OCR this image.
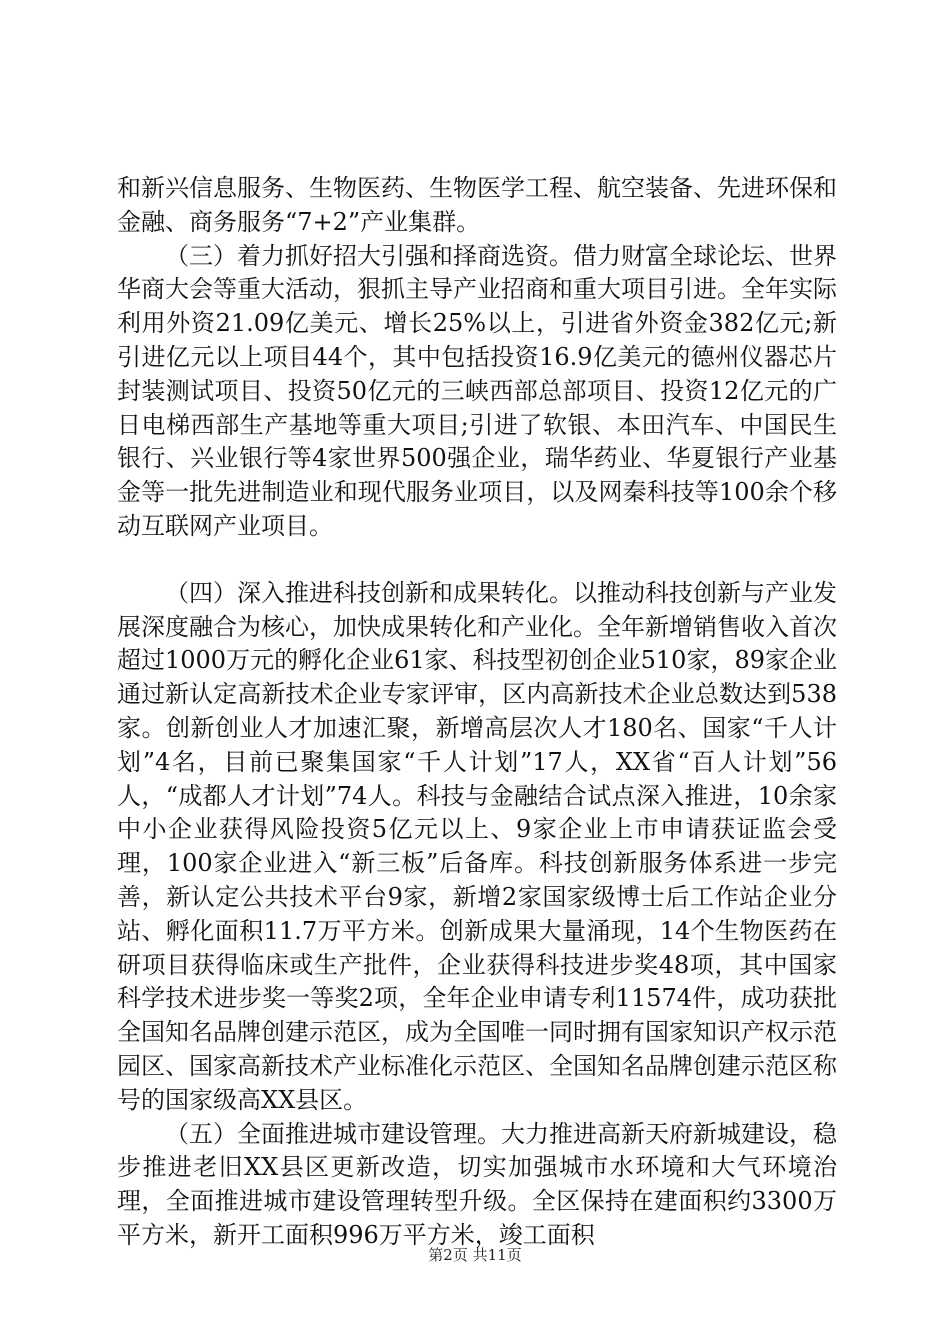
和新兴信息服务、生物医药、生物医学工程、航空装备、先进环保和金融、商务服务“7+2”产业集群。

（三）着力抓好招大引强和择商选资。借力财富全球论坛、世界华商大会等重大活动，狠抓主导产业招商和重大项目引进。全年实际利用外资21.09亿美元、增长25%以上，引进省外资金382亿元;新引进亿元以上项目44个，其中包括投资16.9亿美元的德州仪器芯片封装测试项目、投资50亿元的三峡西部总部项目、投资12亿元的广日电梯西部生产基地等重大项目;引进了软银、本田汽车、中国民生银行、兴业银行等4家世界500强企业，瑞华药业、华夏银行产业基金等一批先进制造业和现代服务业项目，以及网秦科技等100余个移动互联网产业项目。

（四）深入推进科技创新和成果转化。以推动科技创新与产业发展深度融合为核心，加快成果转化和产业化。全年新增销售收入首次超过1000万元的孵化企业61家、科技型初创企业510家，89家企业通过新认定高新技术企业专家评审，区内高新技术企业总数达到538家。创新创业人才加速汇聚，新增高层次人才180名、国家“千人计划”4名，目前已聚集国家“千人计划”17人，XX省“百人计划”56人，“成都人才计划”74人。科技与金融结合试点深入推进，10余家中小企业获得风险投资5亿元以上、9家企业上市申请获证监会受理，100家企业进入“新三板”后备库。科技创新服务体系进一步完善，新认定公共技术平台9家，新增2家国家级博士后工作站企业分站、孵化面积11.7万平方米。创新成果大量涌现，14个生物医药在研项目获得临床或生产批件，企业获得科技进步奖48项，其中国家科学技术进步奖一等奖2项，全年企业申请专利11574件，成功获批全国知名品牌创建示范区，成为全国唯一同时拥有国家知识产权示范园区、国家高新技术产业标准化示范区、全国知名品牌创建示范区称号的国家级高XX县区。

（五）全面推进城市建设管理。大力推进高新天府新城建设，稳步推进老旧XX县区更新改造，切实加强城市水环境和大气环境治理，全面推进城市建设管理转型升级。全区保持在建面积约3300万平方米，新开工面积996万平方米，竣工面积

第2页 共11页
